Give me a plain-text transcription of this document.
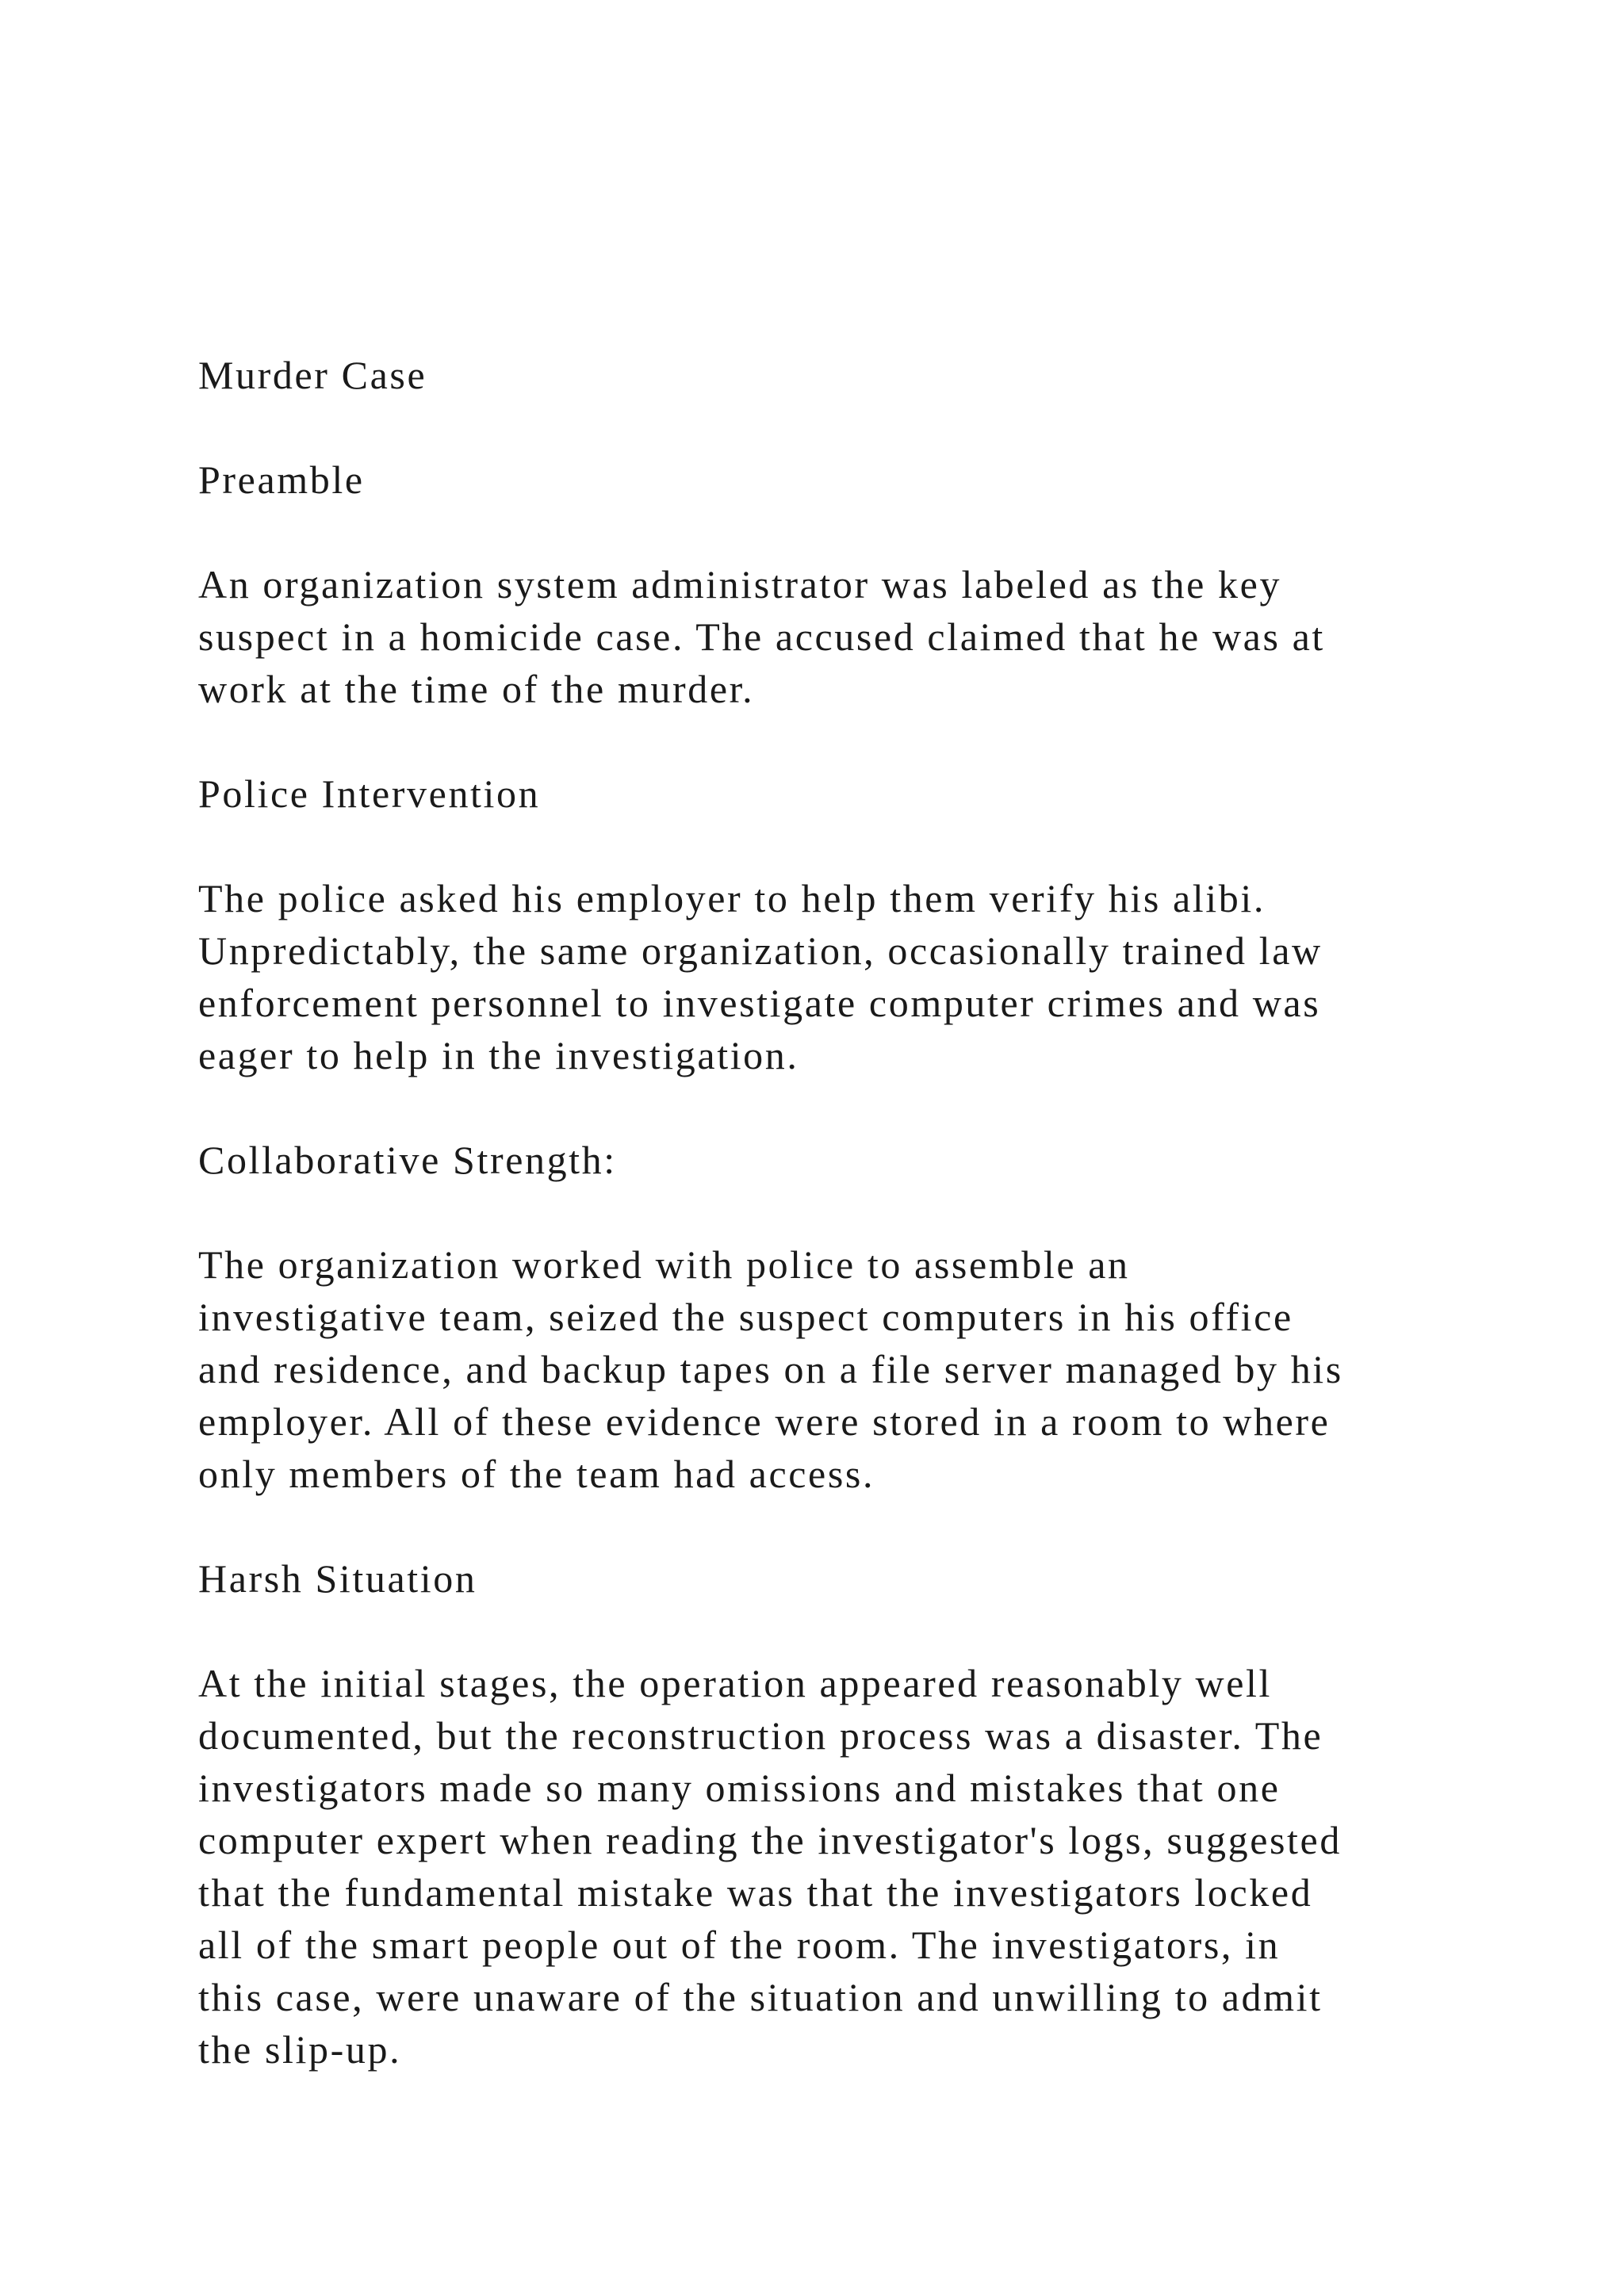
Murder Case

Preamble

An organization system administrator was labeled as the key
suspect in a homicide case. The accused claimed that he was at
work at the time of the murder.

Police Intervention

The police asked his employer to help them verify his alibi.
Unpredictably, the same organization, occasionally trained law
enforcement personnel to investigate computer crimes and was
eager to help in the investigation.

Collaborative Strength:

The organization worked with police to assemble an
investigative team, seized the suspect computers in his office
and residence, and backup tapes on a file server managed by his
employer. All of these evidence were stored in a room to where
only members of the team had access.

Harsh Situation

At the initial stages, the operation appeared reasonably well
documented, but the reconstruction process was a disaster. The
investigators made so many omissions and mistakes that one
computer expert when reading the investigator's logs, suggested
that the fundamental mistake was that the investigators locked
all of the smart people out of the room. The investigators, in
this case, were unaware of the situation and unwilling to admit
the slip-up.
